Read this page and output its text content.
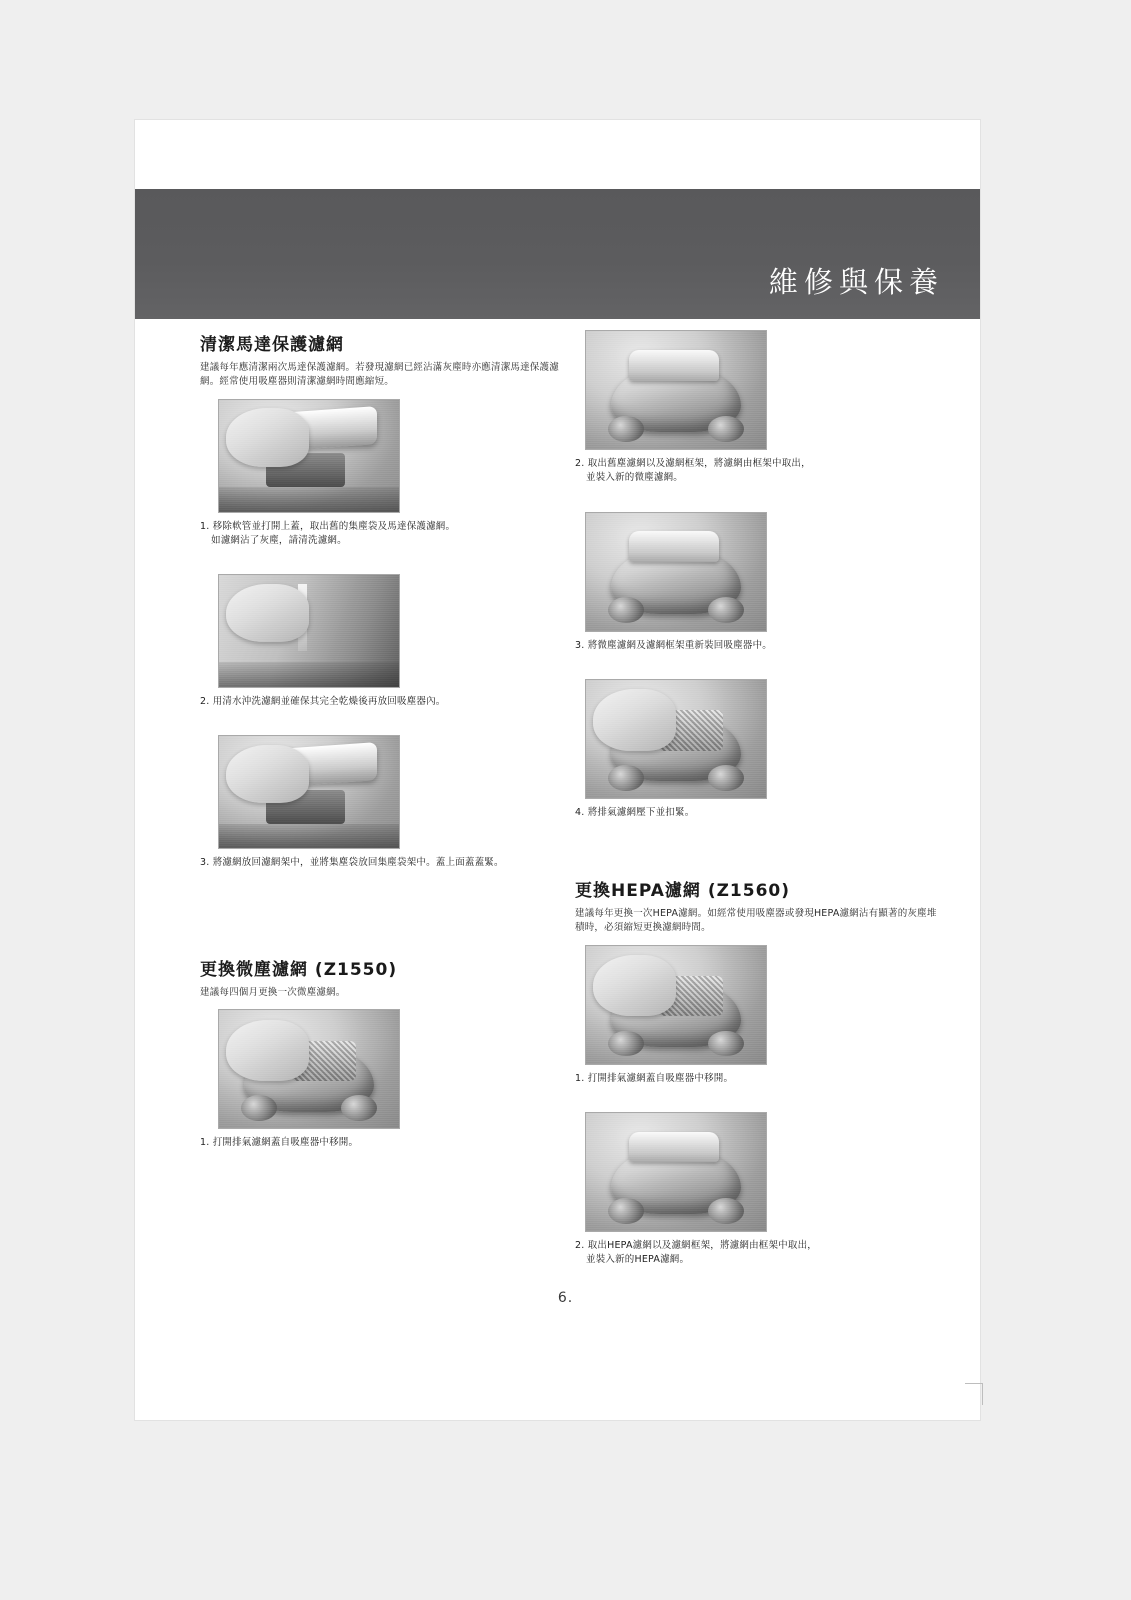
維修與保養
清潔馬達保護濾網

建議每年應清潔兩次馬達保護濾網。若發現濾網已經沾滿灰塵時亦應清潔馬達保護濾網。經常使用吸塵器則清潔濾網時間應縮短。

1. 移除軟管並打開上蓋，取出舊的集塵袋及馬達保護濾網。
如濾網沾了灰塵，請清洗濾網。

2. 用清水沖洗濾網並確保其完全乾燥後再放回吸塵器內。

3. 將濾網放回濾網架中，並將集塵袋放回集塵袋架中。蓋上面蓋蓋緊。

更換微塵濾網 (Z1550)

建議每四個月更換一次微塵濾網。

1. 打開排氣濾網蓋自吸塵器中移開。

2. 取出舊塵濾網以及濾網框架，將濾網由框架中取出，
並裝入新的微塵濾網。

3. 將微塵濾網及濾網框架重新裝回吸塵器中。

4. 將排氣濾網壓下並扣緊。

更換HEPA濾網 (Z1560)

建議每年更換一次HEPA濾網。如經常使用吸塵器或發現HEPA濾網沾有顯著的灰塵堆積時，必須縮短更換濾網時間。

1. 打開排氣濾網蓋自吸塵器中移開。

2. 取出HEPA濾網以及濾網框架，將濾網由框架中取出，
並裝入新的HEPA濾網。

6.
